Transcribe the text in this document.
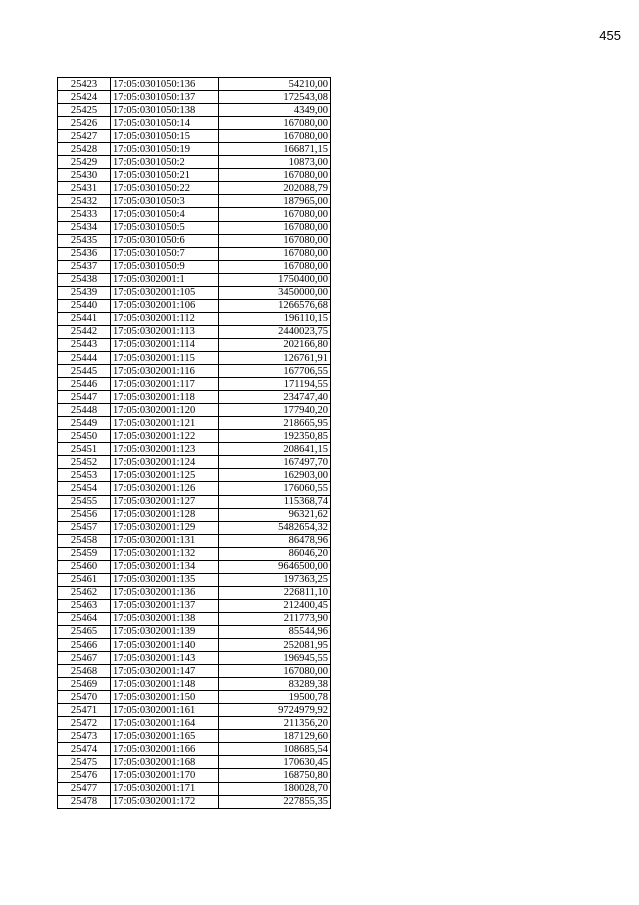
455
25423	17:05:0301050:136	54210,00
25424	17:05:0301050:137	172543,08
25425	17:05:0301050:138	4349,00
25426	17:05:0301050:14	167080,00
25427	17:05:0301050:15	167080,00
25428	17:05:0301050:19	166871,15
25429	17:05:0301050:2	10873,00
25430	17:05:0301050:21	167080,00
25431	17:05:0301050:22	202088,79
25432	17:05:0301050:3	187965,00
25433	17:05:0301050:4	167080,00
25434	17:05:0301050:5	167080,00
25435	17:05:0301050:6	167080,00
25436	17:05:0301050:7	167080,00
25437	17:05:0301050:9	167080,00
25438	17:05:0302001:1	1750400,00
25439	17:05:0302001:105	3450000,00
25440	17:05:0302001:106	1266576,68
25441	17:05:0302001:112	196110,15
25442	17:05:0302001:113	2440023,75
25443	17:05:0302001:114	202166,80
25444	17:05:0302001:115	126761,91
25445	17:05:0302001:116	167706,55
25446	17:05:0302001:117	171194,55
25447	17:05:0302001:118	234747,40
25448	17:05:0302001:120	177940,20
25449	17:05:0302001:121	218665,95
25450	17:05:0302001:122	192350,85
25451	17:05:0302001:123	208641,15
25452	17:05:0302001:124	167497,70
25453	17:05:0302001:125	162903,00
25454	17:05:0302001:126	176060,55
25455	17:05:0302001:127	115368,74
25456	17:05:0302001:128	96321,62
25457	17:05:0302001:129	5482654,32
25458	17:05:0302001:131	86478,96
25459	17:05:0302001:132	86046,20
25460	17:05:0302001:134	9646500,00
25461	17:05:0302001:135	197363,25
25462	17:05:0302001:136	226811,10
25463	17:05:0302001:137	212400,45
25464	17:05:0302001:138	211773,90
25465	17:05:0302001:139	85544,96
25466	17:05:0302001:140	252081,95
25467	17:05:0302001:143	196945,55
25468	17:05:0302001:147	167080,00
25469	17:05:0302001:148	83289,38
25470	17:05:0302001:150	19500,78
25471	17:05:0302001:161	9724979,92
25472	17:05:0302001:164	211356,20
25473	17:05:0302001:165	187129,60
25474	17:05:0302001:166	108685,54
25475	17:05:0302001:168	170630,45
25476	17:05:0302001:170	168750,80
25477	17:05:0302001:171	180028,70
25478	17:05:0302001:172	227855,35
